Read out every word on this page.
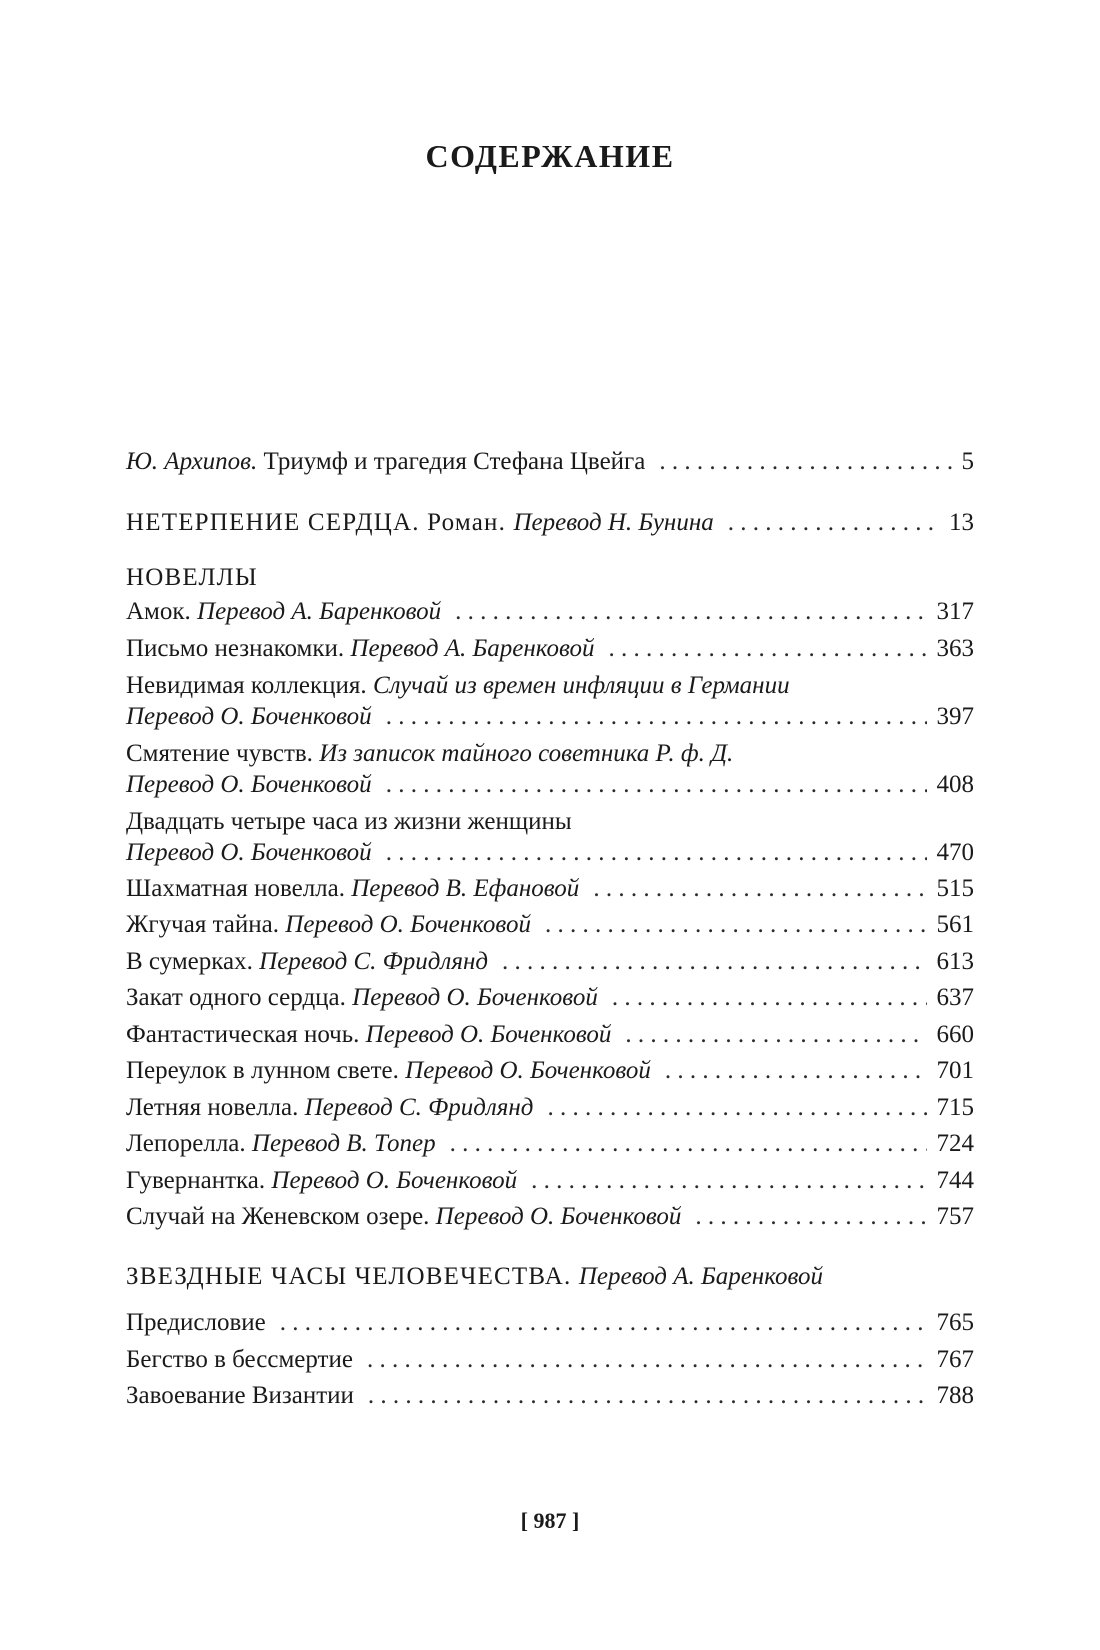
СОДЕРЖАНИЕ
Ю. Архипов. Триумф и трагедия Стефана Цвейга . . .	5
НЕТЕРПЕНИЕ СЕРДЦА. Роман. Перевод Н. Бунина . . .	13
НОВЕЛЛЫ
Амок. Перевод А. Баренковой . . .	317
Письмо незнакомки. Перевод А. Баренковой . . .	363
Невидимая коллекция. Случай из времен инфляции в Германии
Перевод О. Боченковой . . .	397
Смятение чувств. Из записок тайного советника Р. ф. Д.
Перевод О. Боченковой . . .	408
Двадцать четыре часа из жизни женщины
Перевод О. Боченковой . . .	470
Шахматная новелла. Перевод В. Ефановой . . .	515
Жгучая тайна. Перевод О. Боченковой . . .	561
В сумерках. Перевод С. Фридлянд . . .	613
Закат одного сердца. Перевод О. Боченковой . . .	637
Фантастическая ночь. Перевод О. Боченковой . . .	660
Переулок в лунном свете. Перевод О. Боченковой . . .	701
Летняя новелла. Перевод С. Фридлянд . . .	715
Лепорелла. Перевод В. Топер . . .	724
Гувернантка. Перевод О. Боченковой . . .	744
Случай на Женевском озере. Перевод О. Боченковой . . .	757
ЗВЕЗДНЫЕ ЧАСЫ ЧЕЛОВЕЧЕСТВА. Перевод А. Баренковой
Предисловие . . .	765
Бегство в бессмертие . . .	767
Завоевание Византии . . .	788
[ 987 ]
